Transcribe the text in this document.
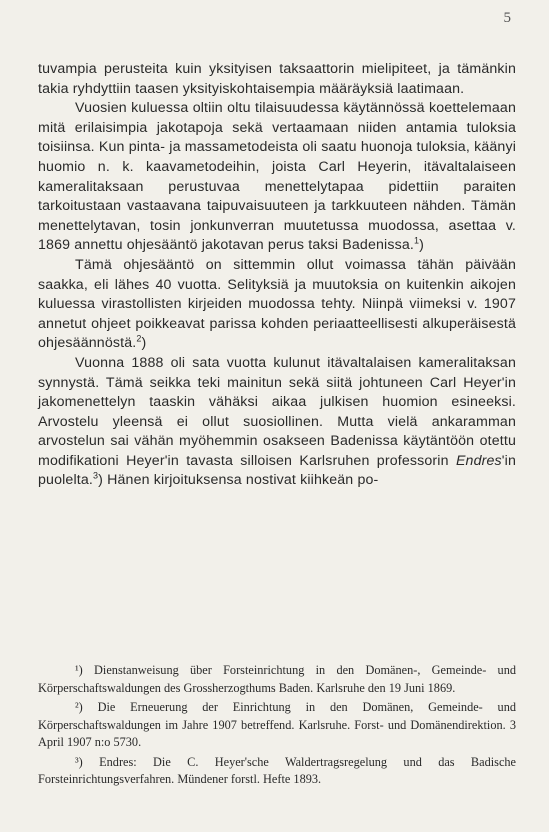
5

tuvampia perusteita kuin yksityisen taksaattorin mielipiteet, ja tämänkin takia ryhdyttiin taasen yksityiskohtaisempia määräyksiä laatimaan.

Vuosien kuluessa oltiin oltu tilaisuudessa käytännössä koettelemaan mitä erilaisimpia jakotapoja sekä vertaamaan niiden antamia tuloksia toisiinsa. Kun pinta- ja massametodeista oli saatu huonoja tuloksia, käänyi huomio n. k. kaavametodeihin, joista Carl Heyerin, itävaltalaiseen kameralitaksaan perustuvaa menettelytapaa pidettiin paraiten tarkoitustaan vastaavana taipuvaisuuteen ja tarkkuuteen nähden. Tämän menettelytavan, tosin jonkunverran muutetussa muodossa, asettaa v. 1869 annettu ohjesääntö jakotavan perus taksi Badenissa.$^1$)

Tämä ohjesääntö on sittemmin ollut voimassa tähän päivään saakka, eli lähes 40 vuotta. Selityksiä ja muutoksia on kuitenkin aikojen kuluessa virastollisten kirjeiden muodossa tehty. Niinpä viimeksi v. 1907 annetut ohjeet poikkeavat parissa kohden periaatteellisesti alkuperäisestä ohjesäännöstä.$^2$)

Vuonna 1888 oli sata vuotta kulunut itävaltalaisen kameralitaksan synnystä. Tämä seikka teki mainitun sekä siitä johtuneen Carl Heyer'in jakomenettelyn taaskin vähäksi aikaa julkisen huomion esineeksi. Arvostelu yleensä ei ollut suosiollinen. Mutta vielä ankaramman arvostelun sai vähän myöhemmin osakseen Badenissa käytäntöön otettu modifikationi Heyer'in tavasta silloisen Karlsruhen professorin Endres'in puolelta.$^3$) Hänen kirjoituksensa nostivat kiihkeän po-

¹) Dienstanweisung über Forsteinrichtung in den Domänen-, Gemeinde- und Körperschaftswaldungen des Grossherzogthums Baden. Karlsruhe den 19 Juni 1869.

²) Die Erneuerung der Einrichtung in den Domänen, Gemeinde- und Körperschaftswaldungen im Jahre 1907 betreffend. Karlsruhe. Forst- und Domänendirektion. 3 April 1907 n:o 5730.

³) Endres: Die C. Heyer'sche Waldertragsregelung und das Badische Forsteinrichtungsverfahren. Mündener forstl. Hefte 1893.
